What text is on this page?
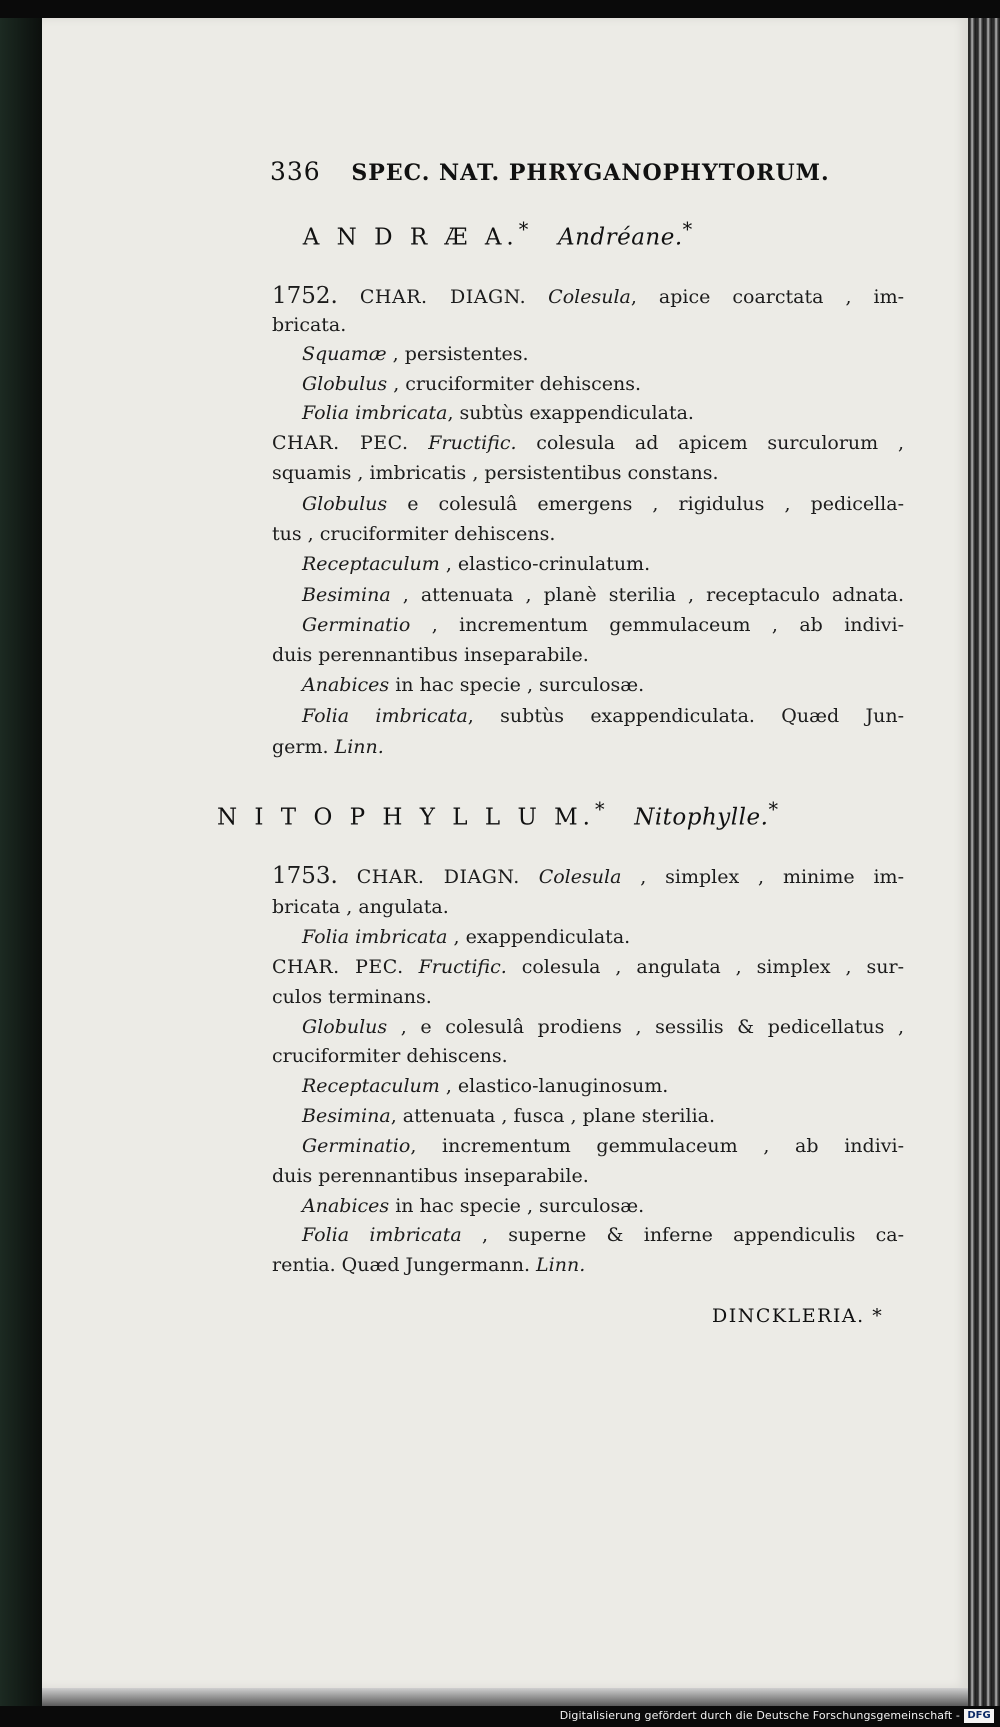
336 SPEC. NAT. PHRYGANOPHYTORUM.
A N D R Æ A.* Andréane.*

1752. CHAR. DIAGN. Colesula, apice coarctata , im-

bricata.

Squamæ , persistentes.

Globulus , cruciformiter dehiscens.

Folia imbricata, subtùs exappendiculata.

CHAR. PEC. Fructific. colesula ad apicem surculorum ,

squamis , imbricatis , persistentibus constans.

Globulus e colesulâ emergens , rigidulus , pedicella-

tus , cruciformiter dehiscens.

Receptaculum , elastico-crinulatum.

Besimina , attenuata , planè sterilia , receptaculo adnata.

Germinatio , incrementum gemmulaceum , ab indivi-

duis perennantibus inseparabile.

Anabices in hac specie , surculosæ.

Folia imbricata, subtùs exappendiculata. Quæd Jun-

germ. Linn.

N I T O P H Y L L U M.* Nitophylle.*

1753. CHAR. DIAGN. Colesula , simplex , minime im-

bricata , angulata.

Folia imbricata , exappendiculata.

CHAR. PEC. Fructific. colesula , angulata , simplex , sur-

culos terminans.

Globulus , e colesulâ prodiens , sessilis & pedicellatus ,

cruciformiter dehiscens.

Receptaculum , elastico-lanuginosum.

Besimina, attenuata , fusca , plane sterilia.

Germinatio, incrementum gemmulaceum , ab indivi-

duis perennantibus inseparabile.

Anabices in hac specie , surculosæ.

Folia imbricata , superne & inferne appendiculis ca-

rentia. Quæd Jungermann. Linn.

DINCKLERIA. *
Digitalisierung gefördert durch die Deutsche Forschungsgemeinschaft - DFG
